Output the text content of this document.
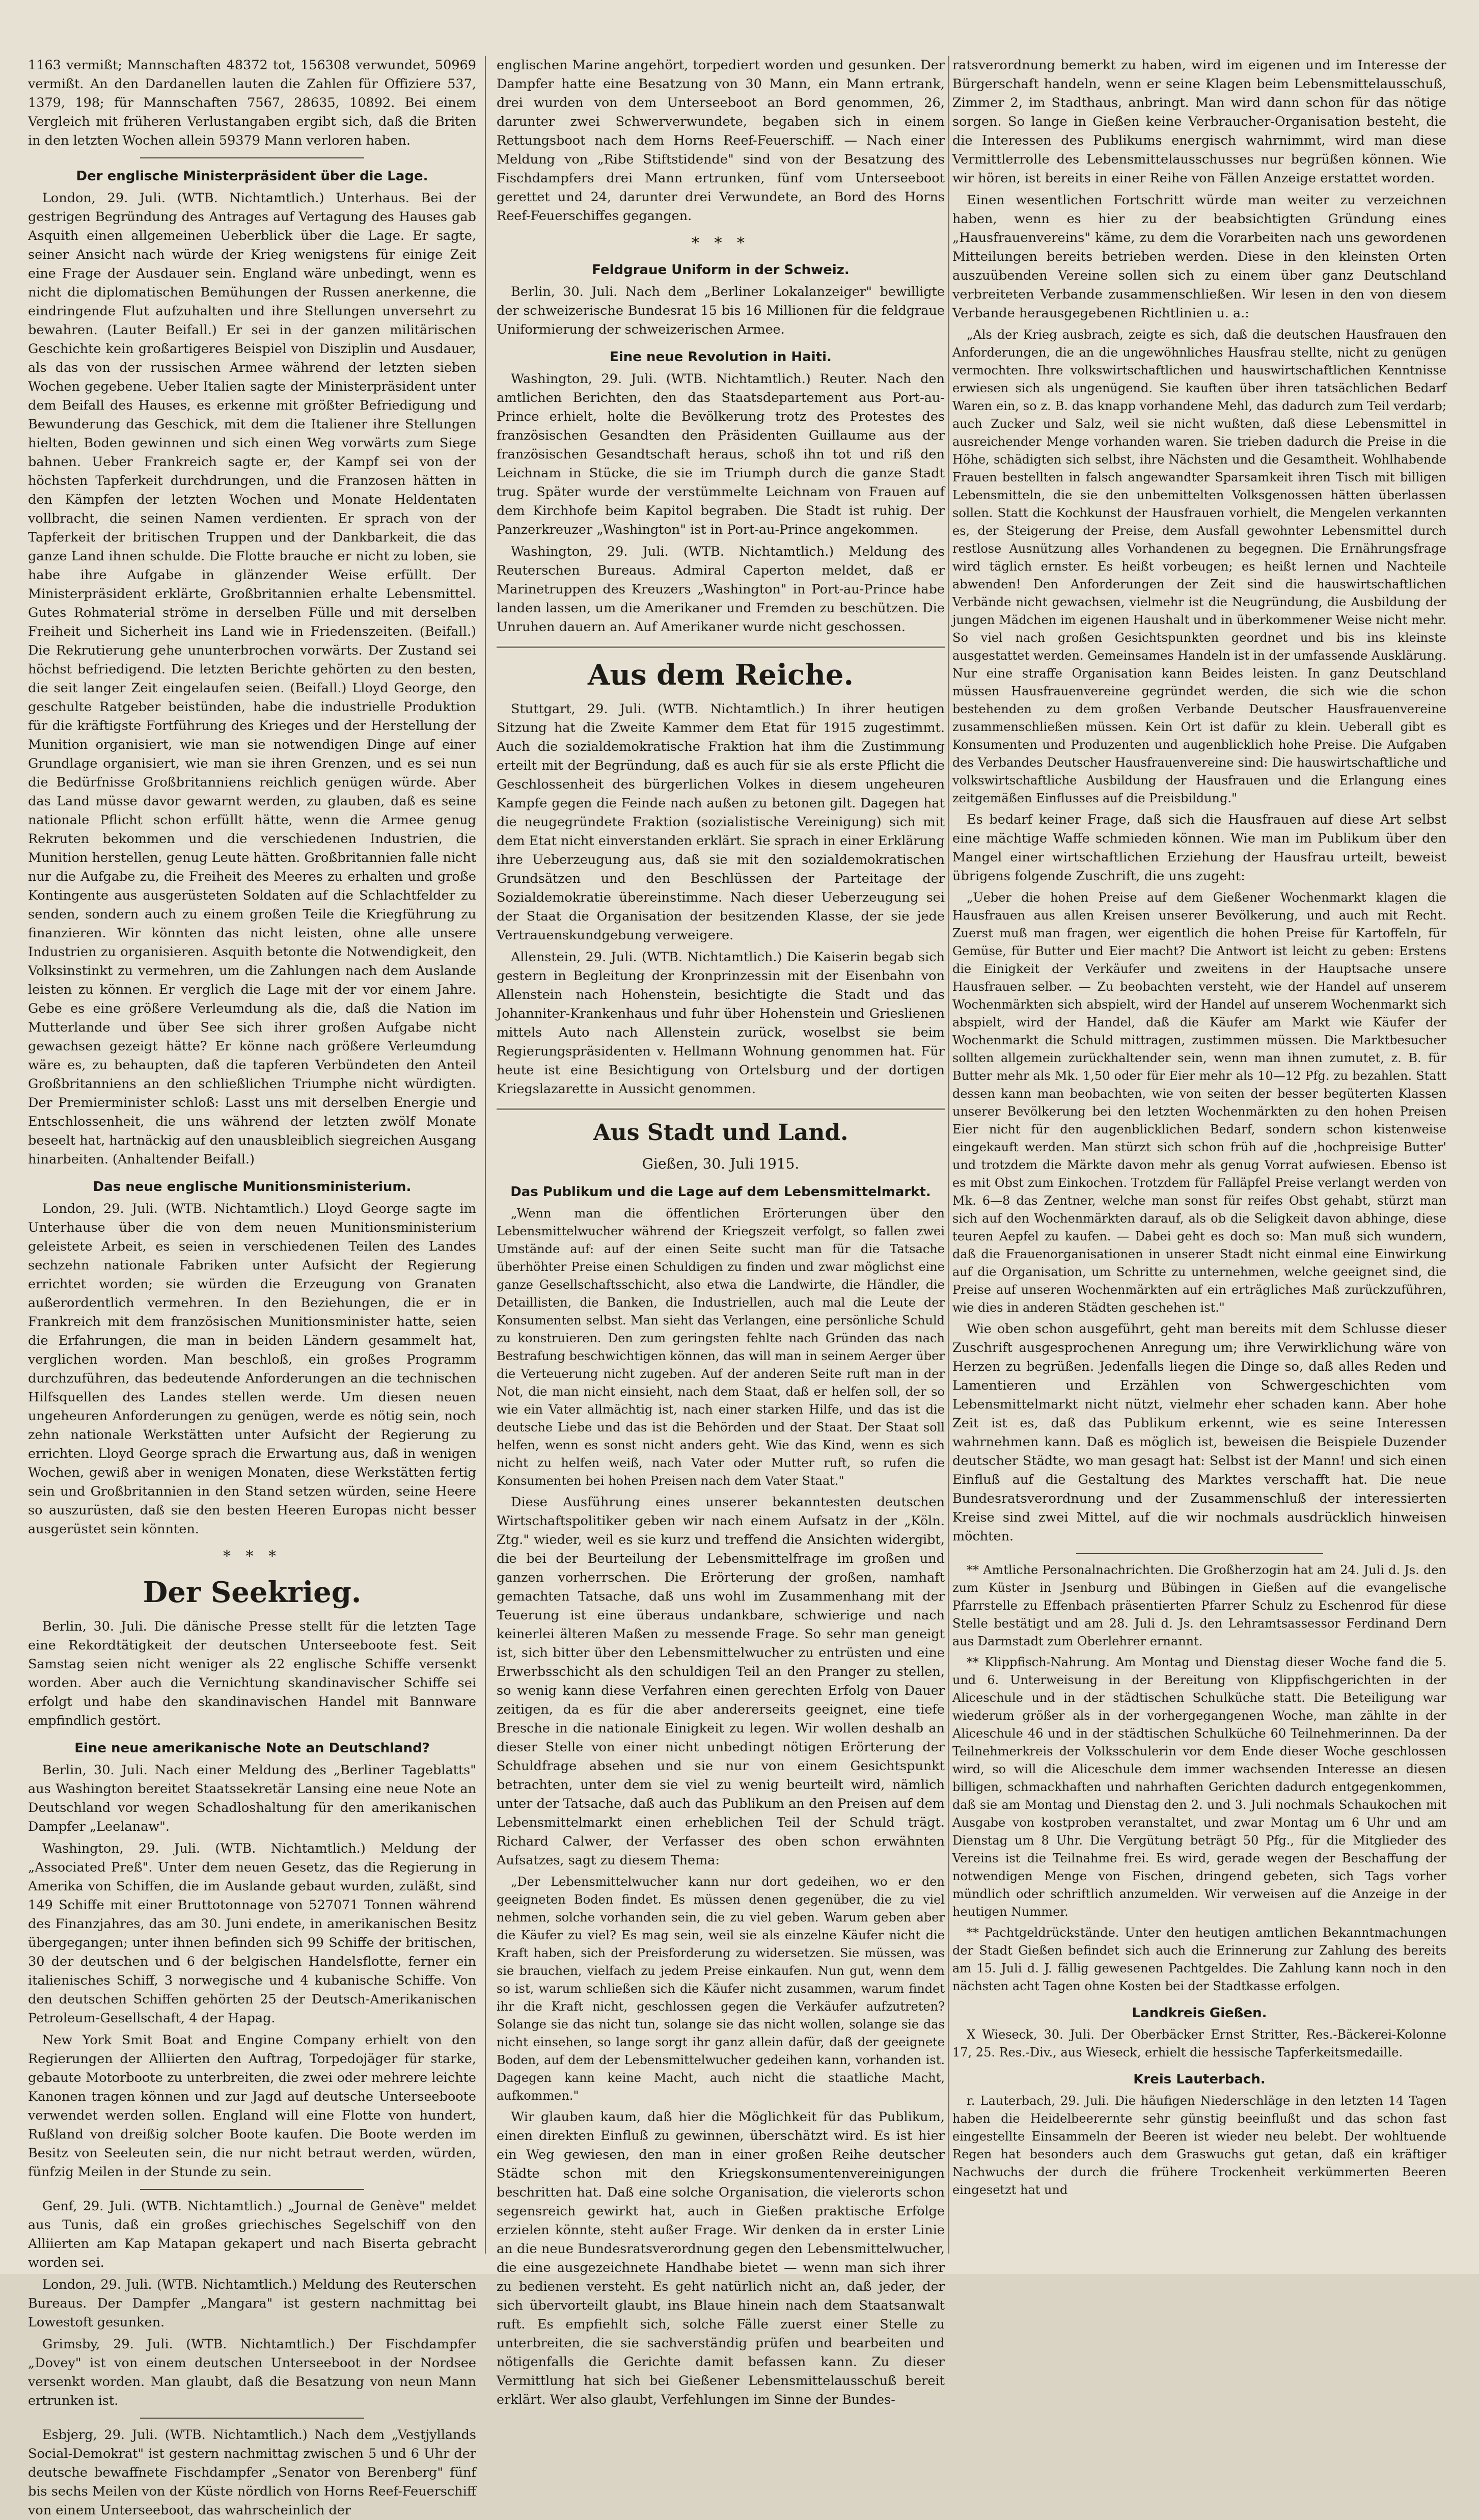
1163 vermißt; Mannschaften 48372 tot, 156308 verwundet, 50969 vermißt. An den Dardanellen lauten die Zahlen für Offiziere 537, 1379, 198; für Mannschaften 7567, 28635, 10892. Bei einem Vergleich mit früheren Verlustangaben ergibt sich, daß die Briten in den letzten Wochen allein 59379 Mann verloren haben.

Der englische Ministerpräsident über die Lage.

London, 29. Juli. (WTB. Nichtamtlich.) Unterhaus. Bei der gestrigen Begründung des Antrages auf Vertagung des Hauses gab Asquith einen allgemeinen Ueberblick über die Lage. Er sagte, seiner Ansicht nach würde der Krieg wenigstens für einige Zeit eine Frage der Ausdauer sein. England wäre unbedingt, wenn es nicht die diplomatischen Bemühungen der Russen anerkenne, die eindringende Flut aufzuhalten und ihre Stellungen unversehrt zu bewahren. (Lauter Beifall.) Er sei in der ganzen militärischen Geschichte kein großartigeres Beispiel von Disziplin und Ausdauer, als das von der russischen Armee während der letzten sieben Wochen gegebene. Ueber Italien sagte der Ministerpräsident unter dem Beifall des Hauses, es erkenne mit größter Befriedigung und Bewunderung das Geschick, mit dem die Italiener ihre Stellungen hielten, Boden gewinnen und sich einen Weg vorwärts zum Siege bahnen. Ueber Frankreich sagte er, der Kampf sei von der höchsten Tapferkeit durchdrungen, und die Franzosen hätten in den Kämpfen der letzten Wochen und Monate Heldentaten vollbracht, die seinen Namen verdienten. Er sprach von der Tapferkeit der britischen Truppen und der Dankbarkeit, die das ganze Land ihnen schulde. Die Flotte brauche er nicht zu loben, sie habe ihre Aufgabe in glänzender Weise erfüllt. Der Ministerpräsident erklärte, Großbritannien erhalte Lebensmittel. Gutes Rohmaterial ströme in derselben Fülle und mit derselben Freiheit und Sicherheit ins Land wie in Friedenszeiten. (Beifall.) Die Rekrutierung gehe ununterbrochen vorwärts. Der Zustand sei höchst befriedigend. Die letzten Berichte gehörten zu den besten, die seit langer Zeit eingelaufen seien. (Beifall.) Lloyd George, den geschulte Ratgeber beistünden, habe die industrielle Produktion für die kräftigste Fortführung des Krieges und der Herstellung der Munition organisiert, wie man sie notwendigen Dinge auf einer Grundlage organisiert, wie man sie ihren Grenzen, und es sei nun die Bedürfnisse Großbritanniens reichlich genügen würde. Aber das Land müsse davor gewarnt werden, zu glauben, daß es seine nationale Pflicht schon erfüllt hätte, wenn die Armee genug Rekruten bekommen und die verschiedenen Industrien, die Munition herstellen, genug Leute hätten. Großbritannien falle nicht nur die Aufgabe zu, die Freiheit des Meeres zu erhalten und große Kontingente aus ausgerüsteten Soldaten auf die Schlachtfelder zu senden, sondern auch zu einem großen Teile die Kriegführung zu finanzieren. Wir könnten das nicht leisten, ohne alle unsere Industrien zu organisieren. Asquith betonte die Notwendigkeit, den Volksinstinkt zu vermehren, um die Zahlungen nach dem Auslande leisten zu können. Er verglich die Lage mit der vor einem Jahre. Gebe es eine größere Verleumdung als die, daß die Nation im Mutterlande und über See sich ihrer großen Aufgabe nicht gewachsen gezeigt hätte? Er könne nach größere Verleumdung wäre es, zu behaupten, daß die tapferen Verbündeten den Anteil Großbritanniens an den schließlichen Triumphe nicht würdigten. Der Premierminister schloß: Lasst uns mit derselben Energie und Entschlossenheit, die uns während der letzten zwölf Monate beseelt hat, hartnäckig auf den unausbleiblich siegreichen Ausgang hinarbeiten. (Anhaltender Beifall.)

Das neue englische Munitionsministerium.

London, 29. Juli. (WTB. Nichtamtlich.) Lloyd George sagte im Unterhause über die von dem neuen Munitionsministerium geleistete Arbeit, es seien in verschiedenen Teilen des Landes sechzehn nationale Fabriken unter Aufsicht der Regierung errichtet worden; sie würden die Erzeugung von Granaten außerordentlich vermehren. In den Beziehungen, die er in Frankreich mit dem französischen Munitionsminister hatte, seien die Erfahrungen, die man in beiden Ländern gesammelt hat, verglichen worden. Man beschloß, ein großes Programm durchzuführen, das bedeutende Anforderungen an die technischen Hilfsquellen des Landes stellen werde. Um diesen neuen ungeheuren Anforderungen zu genügen, werde es nötig sein, noch zehn nationale Werkstätten unter Aufsicht der Regierung zu errichten. Lloyd George sprach die Erwartung aus, daß in wenigen Wochen, gewiß aber in wenigen Monaten, diese Werkstätten fertig sein und Großbritannien in den Stand setzen würden, seine Heere so auszurüsten, daß sie den besten Heeren Europas nicht besser ausgerüstet sein könnten.

* * *
Der Seekrieg.

Berlin, 30. Juli. Die dänische Presse stellt für die letzten Tage eine Rekordtätigkeit der deutschen Unterseeboote fest. Seit Samstag seien nicht weniger als 22 englische Schiffe versenkt worden. Aber auch die Vernichtung skandinavischer Schiffe sei erfolgt und habe den skandinavischen Handel mit Bannware empfindlich gestört.

Eine neue amerikanische Note an Deutschland?

Berlin, 30. Juli. Nach einer Meldung des „Berliner Tageblatts" aus Washington bereitet Staatssekretär Lansing eine neue Note an Deutschland vor wegen Schadloshaltung für den amerikanischen Dampfer „Leelanaw".

Washington, 29. Juli. (WTB. Nichtamtlich.) Meldung der „Associated Preß". Unter dem neuen Gesetz, das die Regierung in Amerika von Schiffen, die im Auslande gebaut wurden, zuläßt, sind 149 Schiffe mit einer Bruttotonnage von 527071 Tonnen während des Finanzjahres, das am 30. Juni endete, in amerikanischen Besitz übergegangen; unter ihnen befinden sich 99 Schiffe der britischen, 30 der deutschen und 6 der belgischen Handelsflotte, ferner ein italienisches Schiff, 3 norwegische und 4 kubanische Schiffe. Von den deutschen Schiffen gehörten 25 der Deutsch-Amerikanischen Petroleum-Gesellschaft, 4 der Hapag.

New York Smit Boat and Engine Company erhielt von den Regierungen der Alliierten den Auftrag, Torpedojäger für starke, gebaute Motorboote zu unterbreiten, die zwei oder mehrere leichte Kanonen tragen können und zur Jagd auf deutsche Unterseeboote verwendet werden sollen. England will eine Flotte von hundert, Rußland von dreißig solcher Boote kaufen. Die Boote werden im Besitz von Seeleuten sein, die nur nicht betraut werden, würden, fünfzig Meilen in der Stunde zu sein.

Genf, 29. Juli. (WTB. Nichtamtlich.) „Journal de Genève" meldet aus Tunis, daß ein großes griechisches Segelschiff von den Alliierten am Kap Matapan gekapert und nach Biserta gebracht worden sei.

London, 29. Juli. (WTB. Nichtamtlich.) Meldung des Reuterschen Bureaus. Der Dampfer „Mangara" ist gestern nachmittag bei Lowestoft gesunken.

Grimsby, 29. Juli. (WTB. Nichtamtlich.) Der Fischdampfer „Dovey" ist von einem deutschen Unterseeboot in der Nordsee versenkt worden. Man glaubt, daß die Besatzung von neun Mann ertrunken ist.

Esbjerg, 29. Juli. (WTB. Nichtamtlich.) Nach dem „Vestjyllands Social-Demokrat" ist gestern nachmittag zwischen 5 und 6 Uhr der deutsche bewaffnete Fischdampfer „Senator von Berenberg" fünf bis sechs Meilen von der Küste nördlich von Horns Reef-Feuerschiff von einem Unterseeboot, das wahrscheinlich der

englischen Marine angehört, torpediert worden und gesunken. Der Dampfer hatte eine Besatzung von 30 Mann, ein Mann ertrank, drei wurden von dem Unterseeboot an Bord genommen, 26, darunter zwei Schwerverwundete, begaben sich in einem Rettungsboot nach dem Horns Reef-Feuerschiff. — Nach einer Meldung von „Ribe Stiftstidende" sind von der Besatzung des Fischdampfers drei Mann ertrunken, fünf vom Unterseeboot gerettet und 24, darunter drei Verwundete, an Bord des Horns Reef-Feuerschiffes gegangen.

* * *
Feldgraue Uniform in der Schweiz.

Berlin, 30. Juli. Nach dem „Berliner Lokalanzeiger" bewilligte der schweizerische Bundesrat 15 bis 16 Millionen für die feldgraue Uniformierung der schweizerischen Armee.

Eine neue Revolution in Haiti.

Washington, 29. Juli. (WTB. Nichtamtlich.) Reuter. Nach den amtlichen Berichten, den das Staatsdepartement aus Port-au-Prince erhielt, holte die Bevölkerung trotz des Protestes des französischen Gesandten den Präsidenten Guillaume aus der französischen Gesandtschaft heraus, schoß ihn tot und riß den Leichnam in Stücke, die sie im Triumph durch die ganze Stadt trug. Später wurde der verstümmelte Leichnam von Frauen auf dem Kirchhofe beim Kapitol begraben. Die Stadt ist ruhig. Der Panzerkreuzer „Washington" ist in Port-au-Prince angekommen.

Washington, 29. Juli. (WTB. Nichtamtlich.) Meldung des Reuterschen Bureaus. Admiral Caperton meldet, daß er Marinetruppen des Kreuzers „Washington" in Port-au-Prince habe landen lassen, um die Amerikaner und Fremden zu beschützen. Die Unruhen dauern an. Auf Amerikaner wurde nicht geschossen.

Aus dem Reiche.

Stuttgart, 29. Juli. (WTB. Nichtamtlich.) In ihrer heutigen Sitzung hat die Zweite Kammer dem Etat für 1915 zugestimmt. Auch die sozialdemokratische Fraktion hat ihm die Zustimmung erteilt mit der Begründung, daß es auch für sie als erste Pflicht die Geschlossenheit des bürgerlichen Volkes in diesem ungeheuren Kampfe gegen die Feinde nach außen zu betonen gilt. Dagegen hat die neugegründete Fraktion (sozialistische Vereinigung) sich mit dem Etat nicht einverstanden erklärt. Sie sprach in einer Erklärung ihre Ueberzeugung aus, daß sie mit den sozialdemokratischen Grundsätzen und den Beschlüssen der Parteitage der Sozialdemokratie übereinstimme. Nach dieser Ueberzeugung sei der Staat die Organisation der besitzenden Klasse, der sie jede Vertrauenskundgebung verweigere.

Allenstein, 29. Juli. (WTB. Nichtamtlich.) Die Kaiserin begab sich gestern in Begleitung der Kronprinzessin mit der Eisenbahn von Allenstein nach Hohenstein, besichtigte die Stadt und das Johanniter-Krankenhaus und fuhr über Hohenstein und Grieslienen mittels Auto nach Allenstein zurück, woselbst sie beim Regierungspräsidenten v. Hellmann Wohnung genommen hat. Für heute ist eine Besichtigung von Ortelsburg und der dortigen Kriegslazarette in Aussicht genommen.

Aus Stadt und Land.
Gießen, 30. Juli 1915.
Das Publikum und die Lage auf dem Lebensmittelmarkt.

„Wenn man die öffentlichen Erörterungen über den Lebensmittelwucher während der Kriegszeit verfolgt, so fallen zwei Umstände auf: auf der einen Seite sucht man für die Tatsache überhöhter Preise einen Schuldigen zu finden und zwar möglichst eine ganze Gesellschaftsschicht, also etwa die Landwirte, die Händler, die Detaillisten, die Banken, die Industriellen, auch mal die Leute der Konsumenten selbst. Man sieht das Verlangen, eine persönliche Schuld zu konstruieren. Den zum geringsten fehlte nach Gründen das nach Bestrafung beschwichtigen können, das will man in seinem Aerger über die Verteuerung nicht zugeben. Auf der anderen Seite ruft man in der Not, die man nicht einsieht, nach dem Staat, daß er helfen soll, der so wie ein Vater allmächtig ist, nach einer starken Hilfe, und das ist die deutsche Liebe und das ist die Behörden und der Staat. Der Staat soll helfen, wenn es sonst nicht anders geht. Wie das Kind, wenn es sich nicht zu helfen weiß, nach Vater oder Mutter ruft, so rufen die Konsumenten bei hohen Preisen nach dem Vater Staat."

Diese Ausführung eines unserer bekanntesten deutschen Wirtschaftspolitiker geben wir nach einem Aufsatz in der „Köln. Ztg." wieder, weil es sie kurz und treffend die Ansichten widergibt, die bei der Beurteilung der Lebensmittelfrage im großen und ganzen vorherrschen. Die Erörterung der großen, namhaft gemachten Tatsache, daß uns wohl im Zusammenhang mit der Teuerung ist eine überaus undankbare, schwierige und nach keinerlei älteren Maßen zu messende Frage. So sehr man geneigt ist, sich bitter über den Lebensmittelwucher zu entrüsten und eine Erwerbsschicht als den schuldigen Teil an den Pranger zu stellen, so wenig kann diese Verfahren einen gerechten Erfolg von Dauer zeitigen, da es für die aber andererseits geeignet, eine tiefe Bresche in die nationale Einigkeit zu legen. Wir wollen deshalb an dieser Stelle von einer nicht unbedingt nötigen Erörterung der Schuldfrage absehen und sie nur von einem Gesichtspunkt betrachten, unter dem sie viel zu wenig beurteilt wird, nämlich unter der Tatsache, daß auch das Publikum an den Preisen auf dem Lebensmittelmarkt einen erheblichen Teil der Schuld trägt. Richard Calwer, der Verfasser des oben schon erwähnten Aufsatzes, sagt zu diesem Thema:

„Der Lebensmittelwucher kann nur dort gedeihen, wo er den geeigneten Boden findet. Es müssen denen gegenüber, die zu viel nehmen, solche vorhanden sein, die zu viel geben. Warum geben aber die Käufer zu viel? Es mag sein, weil sie als einzelne Käufer nicht die Kraft haben, sich der Preisforderung zu widersetzen. Sie müssen, was sie brauchen, vielfach zu jedem Preise einkaufen. Nun gut, wenn dem so ist, warum schließen sich die Käufer nicht zusammen, warum findet ihr die Kraft nicht, geschlossen gegen die Verkäufer aufzutreten? Solange sie das nicht tun, solange sie das nicht wollen, solange sie das nicht einsehen, so lange sorgt ihr ganz allein dafür, daß der geeignete Boden, auf dem der Lebensmittelwucher gedeihen kann, vorhanden ist. Dagegen kann keine Macht, auch nicht die staatliche Macht, aufkommen."

Wir glauben kaum, daß hier die Möglichkeit für das Publikum, einen direkten Einfluß zu gewinnen, überschätzt wird. Es ist hier ein Weg gewiesen, den man in einer großen Reihe deutscher Städte schon mit den Kriegskonsumentenvereinigungen beschritten hat. Daß eine solche Organisation, die vielerorts schon segensreich gewirkt hat, auch in Gießen praktische Erfolge erzielen könnte, steht außer Frage. Wir denken da in erster Linie an die neue Bundesratsverordnung gegen den Lebensmittelwucher, die eine ausgezeichnete Handhabe bietet — wenn man sich ihrer zu bedienen versteht. Es geht natürlich nicht an, daß jeder, der sich übervorteilt glaubt, ins Blaue hinein nach dem Staatsanwalt ruft. Es empfiehlt sich, solche Fälle zuerst einer Stelle zu unterbreiten, die sie sachverständig prüfen und bearbeiten und nötigenfalls die Gerichte damit befassen kann. Zu dieser Vermittlung hat sich bei Gießener Lebensmittelausschuß bereit erklärt. Wer also glaubt, Verfehlungen im Sinne der Bundes-

ratsverordnung bemerkt zu haben, wird im eigenen und im Interesse der Bürgerschaft handeln, wenn er seine Klagen beim Lebensmittelausschuß, Zimmer 2, im Stadthaus, anbringt. Man wird dann schon für das nötige sorgen. So lange in Gießen keine Verbraucher-Organisation besteht, die die Interessen des Publikums energisch wahrnimmt, wird man diese Vermittlerrolle des Lebensmittelausschusses nur begrüßen können. Wie wir hören, ist bereits in einer Reihe von Fällen Anzeige erstattet worden.

Einen wesentlichen Fortschritt würde man weiter zu verzeichnen haben, wenn es hier zu der beabsichtigten Gründung eines „Hausfrauenvereins" käme, zu dem die Vorarbeiten nach uns gewordenen Mitteilungen bereits betrieben werden. Diese in den kleinsten Orten auszuübenden Vereine sollen sich zu einem über ganz Deutschland verbreiteten Verbande zusammenschließen. Wir lesen in den von diesem Verbande herausgegebenen Richtlinien u. a.:

„Als der Krieg ausbrach, zeigte es sich, daß die deutschen Hausfrauen den Anforderungen, die an die ungewöhnliches Hausfrau stellte, nicht zu genügen vermochten. Ihre volkswirtschaftlichen und hauswirtschaftlichen Kenntnisse erwiesen sich als ungenügend. Sie kauften über ihren tatsächlichen Bedarf Waren ein, so z. B. das knapp vorhandene Mehl, das dadurch zum Teil verdarb; auch Zucker und Salz, weil sie nicht wußten, daß diese Lebensmittel in ausreichender Menge vorhanden waren. Sie trieben dadurch die Preise in die Höhe, schädigten sich selbst, ihre Nächsten und die Gesamtheit. Wohlhabende Frauen bestellten in falsch angewandter Sparsamkeit ihren Tisch mit billigen Lebensmitteln, die sie den unbemittelten Volksgenossen hätten überlassen sollen. Statt die Kochkunst der Hausfrauen vorhielt, die Mengelen verkannten es, der Steigerung der Preise, dem Ausfall gewohnter Lebensmittel durch restlose Ausnützung alles Vorhandenen zu begegnen. Die Ernährungsfrage wird täglich ernster. Es heißt vorbeugen; es heißt lernen und Nachteile abwenden! Den Anforderungen der Zeit sind die hauswirtschaftlichen Verbände nicht gewachsen, vielmehr ist die Neugründung, die Ausbildung der jungen Mädchen im eigenen Haushalt und in überkommener Weise nicht mehr. So viel nach großen Gesichtspunkten geordnet und bis ins kleinste ausgestattet werden. Gemeinsames Handeln ist in der umfassende Ausklärung. Nur eine straffe Organisation kann Beides leisten. In ganz Deutschland müssen Hausfrauenvereine gegründet werden, die sich wie die schon bestehenden zu dem großen Verbande Deutscher Hausfrauenvereine zusammenschließen müssen. Kein Ort ist dafür zu klein. Ueberall gibt es Konsumenten und Produzenten und augenblicklich hohe Preise. Die Aufgaben des Verbandes Deutscher Hausfrauenvereine sind: Die hauswirtschaftliche und volkswirtschaftliche Ausbildung der Hausfrauen und die Erlangung eines zeitgemäßen Einflusses auf die Preisbildung."

Es bedarf keiner Frage, daß sich die Hausfrauen auf diese Art selbst eine mächtige Waffe schmieden können. Wie man im Publikum über den Mangel einer wirtschaftlichen Erziehung der Hausfrau urteilt, beweist übrigens folgende Zuschrift, die uns zugeht:

„Ueber die hohen Preise auf dem Gießener Wochenmarkt klagen die Hausfrauen aus allen Kreisen unserer Bevölkerung, und auch mit Recht. Zuerst muß man fragen, wer eigentlich die hohen Preise für Kartoffeln, für Gemüse, für Butter und Eier macht? Die Antwort ist leicht zu geben: Erstens die Einigkeit der Verkäufer und zweitens in der Hauptsache unsere Hausfrauen selber. — Zu beobachten versteht, wie der Handel auf unserem Wochenmärkten sich abspielt, wird der Handel auf unserem Wochenmarkt sich abspielt, wird der Handel, daß die Käufer am Markt wie Käufer der Wochenmarkt die Schuld mittragen, zustimmen müssen. Die Marktbesucher sollten allgemein zurückhaltender sein, wenn man ihnen zumutet, z. B. für Butter mehr als Mk. 1,50 oder für Eier mehr als 10—12 Pfg. zu bezahlen. Statt dessen kann man beobachten, wie von seiten der besser begüterten Klassen unserer Bevölkerung bei den letzten Wochenmärkten zu den hohen Preisen Eier nicht für den augenblicklichen Bedarf, sondern schon kistenweise eingekauft werden. Man stürzt sich schon früh auf die ,hochpreisige Butter' und trotzdem die Märkte davon mehr als genug Vorrat aufwiesen. Ebenso ist es mit Obst zum Einkochen. Trotzdem für Falläpfel Preise verlangt werden von Mk. 6—8 das Zentner, welche man sonst für reifes Obst gehabt, stürzt man sich auf den Wochenmärkten darauf, als ob die Seligkeit davon abhinge, diese teuren Aepfel zu kaufen. — Dabei geht es doch so: Man muß sich wundern, daß die Frauenorganisationen in unserer Stadt nicht einmal eine Einwirkung auf die Organisation, um Schritte zu unternehmen, welche geeignet sind, die Preise auf unseren Wochenmärkten auf ein erträgliches Maß zurückzuführen, wie dies in anderen Städten geschehen ist."

Wie oben schon ausgeführt, geht man bereits mit dem Schlusse dieser Zuschrift ausgesprochenen Anregung um; ihre Verwirklichung wäre von Herzen zu begrüßen. Jedenfalls liegen die Dinge so, daß alles Reden und Lamentieren und Erzählen von Schwergeschichten vom Lebensmittelmarkt nicht nützt, vielmehr eher schaden kann. Aber hohe Zeit ist es, daß das Publikum erkennt, wie es seine Interessen wahrnehmen kann. Daß es möglich ist, beweisen die Beispiele Duzender deutscher Städte, wo man gesagt hat: Selbst ist der Mann! und sich einen Einfluß auf die Gestaltung des Marktes verschafft hat. Die neue Bundesratsverordnung und der Zusammenschluß der interessierten Kreise sind zwei Mittel, auf die wir nochmals ausdrücklich hinweisen möchten.

** Amtliche Personalnachrichten. Die Großherzogin hat am 24. Juli d. Js. den zum Küster in Jsenburg und Bübingen in Gießen auf die evangelische Pfarrstelle zu Effenbach präsentierten Pfarrer Schulz zu Eschenrod für diese Stelle bestätigt und am 28. Juli d. Js. den Lehramtsassessor Ferdinand Dern aus Darmstadt zum Oberlehrer ernannt.

** Klippfisch-Nahrung. Am Montag und Dienstag dieser Woche fand die 5. und 6. Unterweisung in der Bereitung von Klippfischgerichten in der Aliceschule und in der städtischen Schulküche statt. Die Beteiligung war wiederum größer als in der vorhergegangenen Woche, man zählte in der Aliceschule 46 und in der städtischen Schulküche 60 Teilnehmerinnen. Da der Teilnehmerkreis der Volksschulerin vor dem Ende dieser Woche geschlossen wird, so will die Aliceschule dem immer wachsenden Interesse an diesen billigen, schmackhaften und nahrhaften Gerichten dadurch entgegenkommen, daß sie am Montag und Dienstag den 2. und 3. Juli nochmals Schaukochen mit Ausgabe von kostproben veranstaltet, und zwar Montag um 6 Uhr und am Dienstag um 8 Uhr. Die Vergütung beträgt 50 Pfg., für die Mitglieder des Vereins ist die Teilnahme frei. Es wird, gerade wegen der Beschaffung der notwendigen Menge von Fischen, dringend gebeten, sich Tags vorher mündlich oder schriftlich anzumelden. Wir verweisen auf die Anzeige in der heutigen Nummer.

** Pachtgeldrückstände. Unter den heutigen amtlichen Bekanntmachungen der Stadt Gießen befindet sich auch die Erinnerung zur Zahlung des bereits am 15. Juli d. J. fällig gewesenen Pachtgeldes. Die Zahlung kann noch in den nächsten acht Tagen ohne Kosten bei der Stadtkasse erfolgen.

Landkreis Gießen.

X Wieseck, 30. Juli. Der Oberbäcker Ernst Stritter, Res.-Bäckerei-Kolonne 17, 25. Res.-Div., aus Wieseck, erhielt die hessische Tapferkeitsmedaille.

Kreis Lauterbach.

r. Lauterbach, 29. Juli. Die häufigen Niederschläge in den letzten 14 Tagen haben die Heidelbeerernte sehr günstig beeinflußt und das schon fast eingestellte Einsammeln der Beeren ist wieder neu belebt. Der wohltuende Regen hat besonders auch dem Graswuchs gut getan, daß ein kräftiger Nachwuchs der durch die frühere Trockenheit verkümmerten Beeren eingesetzt hat und
